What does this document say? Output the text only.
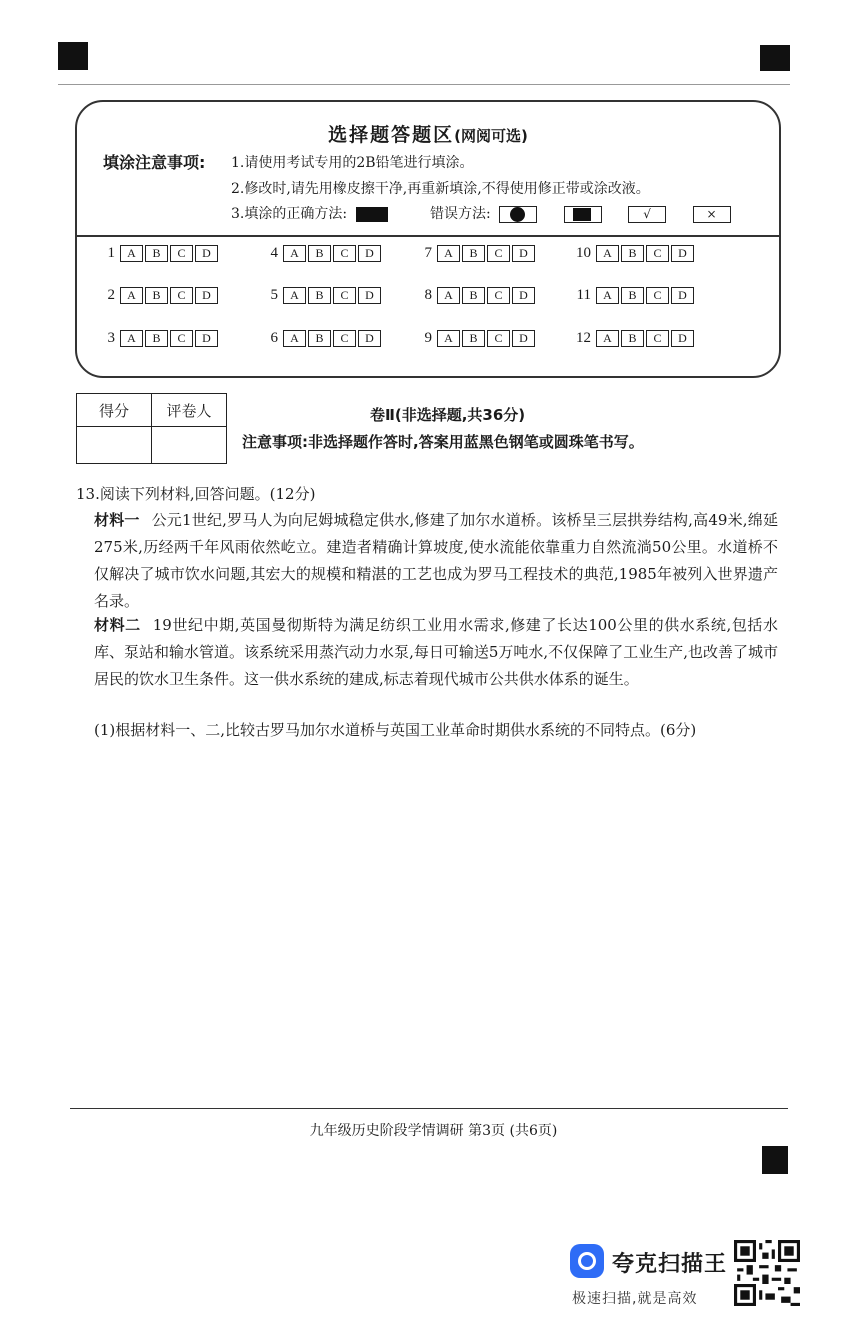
选择题答题区(网阅可选)
填涂注意事项: 1.请使用考试专用的2B铅笔进行填涂。
2.修改时,请先用橡皮擦干净,再重新填涂,不得使用修正带或涂改液。
3.填涂的正确方法:	错误方法:
	√	×
1	A	B	C	D
2	A	B	C	D
3	A	B	C	D
4	A	B	C	D
5	A	B	C	D
6	A	B	C	D
7	A	B	C	D
8	A	B	C	D
9	A	B	C	D
10	A	B	C	D
11	A	B	C	D
12	A	B	C	D
得分	评卷人
		卷Ⅱ(非选择题,共36分)
注意事项:非选择题作答时,答案用蓝黑色钢笔或圆珠笔书写。
13.阅读下列材料,回答问题。(12分)
材料一 公元1世纪,罗马人为向尼姆城稳定供水,修建了加尔水道桥。该桥呈三层拱券结构,高49米,绵延275米,历经两千年风雨依然屹立。建造者精确计算坡度,使水流能依靠重力自然流淌50公里。水道桥不仅解决了城市饮水问题,其宏大的规模和精湛的工艺也成为罗马工程技术的典范,1985年被列入世界遗产名录。
材料二 19世纪中期,英国曼彻斯特为满足纺织工业用水需求,修建了长达100公里的供水系统,包括水库、泵站和输水管道。该系统采用蒸汽动力水泵,每日可输送5万吨水,不仅保障了工业生产,也改善了城市居民的饮水卫生条件。这一供水系统的建成,标志着现代城市公共供水体系的诞生。
(1)根据材料一、二,比较古罗马加尔水道桥与英国工业革命时期供水系统的不同特点。(6分)
九年级历史阶段学情调研 第3页 (共6页)
夸克扫描王
极速扫描,就是高效
